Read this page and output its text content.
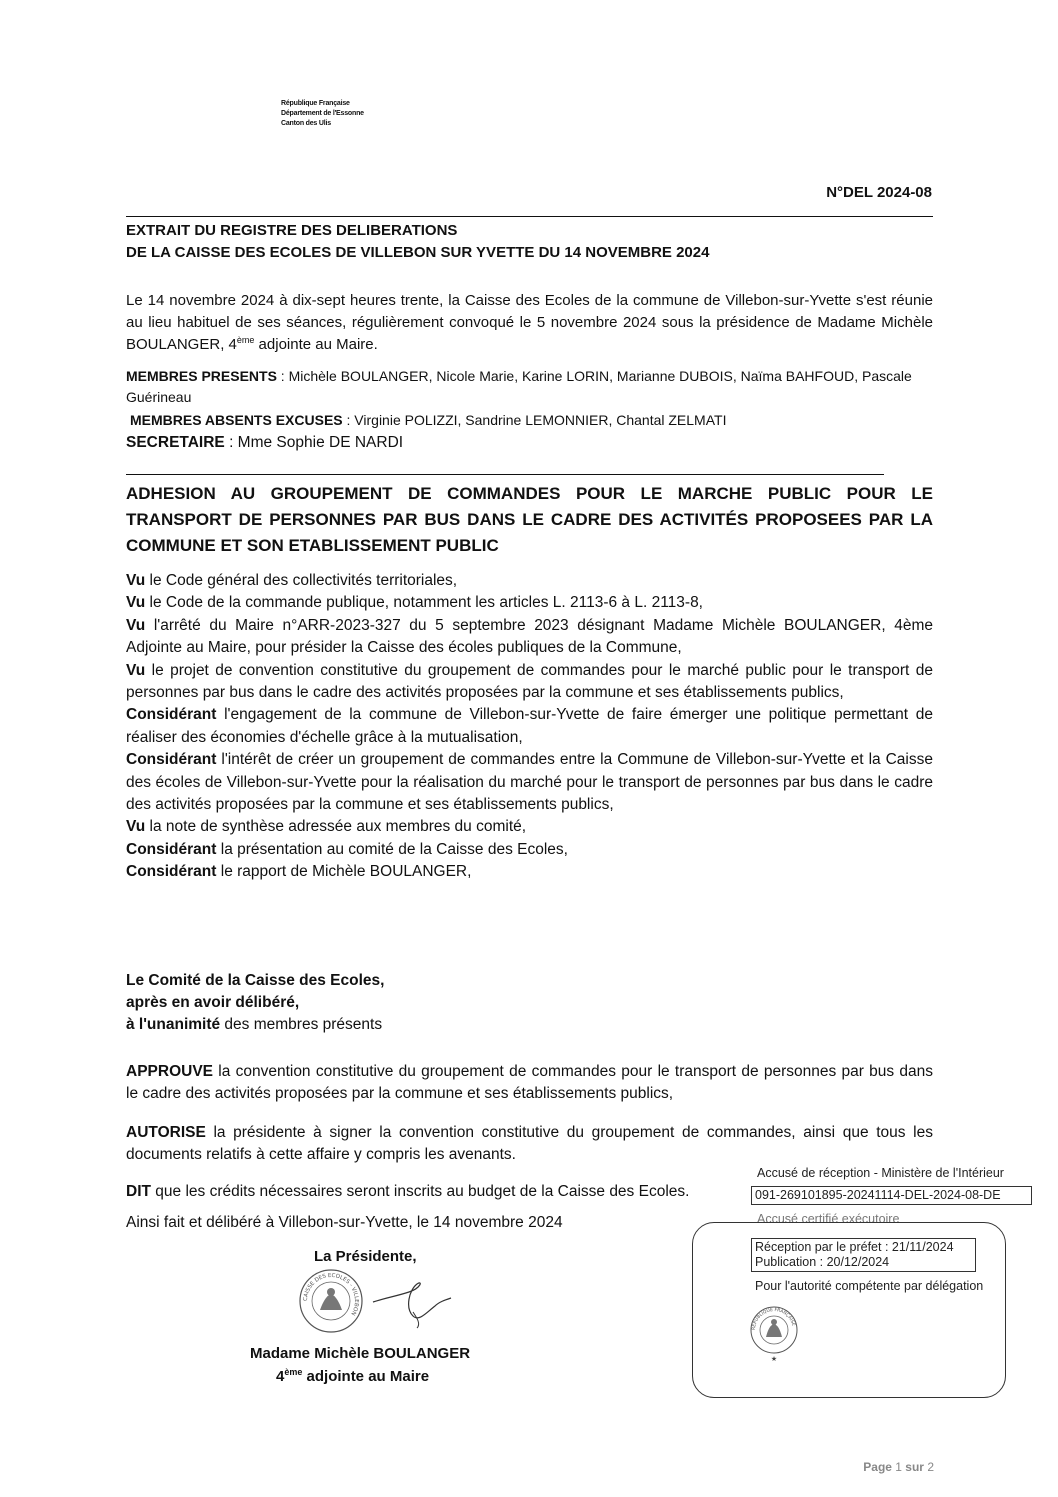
République Française
Département de l'Essonne
Canton des Ulis
N°DEL 2024-08
EXTRAIT DU REGISTRE DES DELIBERATIONS
DE LA CAISSE DES ECOLES DE VILLEBON SUR YVETTE DU 14 NOVEMBRE 2024
Le 14 novembre 2024 à dix-sept heures trente, la Caisse des Ecoles de la commune de Villebon-sur-Yvette s'est réunie au lieu habituel de ses séances, régulièrement convoqué le 5 novembre 2024 sous la présidence de Madame Michèle BOULANGER, 4ème adjointe au Maire.
MEMBRES PRESENTS : Michèle BOULANGER, Nicole Marie, Karine LORIN, Marianne DUBOIS, Naïma BAHFOUD, Pascale Guérineau
MEMBRES ABSENTS EXCUSES : Virginie POLIZZI, Sandrine LEMONNIER, Chantal ZELMATI
SECRETAIRE : Mme Sophie DE NARDI
ADHESION AU GROUPEMENT DE COMMANDES POUR LE MARCHE PUBLIC POUR LE TRANSPORT DE PERSONNES PAR BUS DANS LE CADRE DES ACTIVITÉS PROPOSEES PAR LA COMMUNE ET SON ETABLISSEMENT PUBLIC
Vu le Code général des collectivités territoriales,
Vu le Code de la commande publique, notamment les articles L. 2113-6 à L. 2113-8,
Vu l'arrêté du Maire n°ARR-2023-327 du 5 septembre 2023 désignant Madame Michèle BOULANGER, 4ème Adjointe au Maire, pour présider la Caisse des écoles publiques de la Commune,
Vu le projet de convention constitutive du groupement de commandes pour le marché public pour le transport de personnes par bus dans le cadre des activités proposées par la commune et ses établissements publics,
Considérant l'engagement de la commune de Villebon-sur-Yvette de faire émerger une politique permettant de réaliser des économies d'échelle grâce à la mutualisation,
Considérant l'intérêt de créer un groupement de commandes entre la Commune de Villebon-sur-Yvette et la Caisse des écoles de Villebon-sur-Yvette pour la réalisation du marché pour le transport de personnes par bus dans le cadre des activités proposées par la commune et ses établissements publics,
Vu la note de synthèse adressée aux membres du comité,
Considérant la présentation au comité de la Caisse des Ecoles,
Considérant le rapport de Michèle BOULANGER,
Le Comité de la Caisse des Ecoles,
après en avoir délibéré,
à l'unanimité des membres présents
APPROUVE la convention constitutive du groupement de commandes pour le transport de personnes par bus dans le cadre des activités proposées par la commune et ses établissements publics,
AUTORISE la présidente à signer la convention constitutive du groupement de commandes, ainsi que tous les documents relatifs à cette affaire y compris les avenants.
DIT que les crédits nécessaires seront inscrits au budget de la Caisse des Ecoles.
Ainsi fait et délibéré à Villebon-sur-Yvette, le 14 novembre 2024
La Présidente,
CAISSE DES ECOLES - VILLEBON
Madame Michèle BOULANGER
4ème adjointe au Maire
Accusé de réception - Ministère de l'Intérieur
091-269101895-20241114-DEL-2024-08-DE
Accusé certifié exécutoire
Réception par le préfet : 21/11/2024
Publication : 20/12/2024
Pour l'autorité compétente par délégation
RÉPUBLIQUE FRANÇAISE
★
Page 1 sur 2
